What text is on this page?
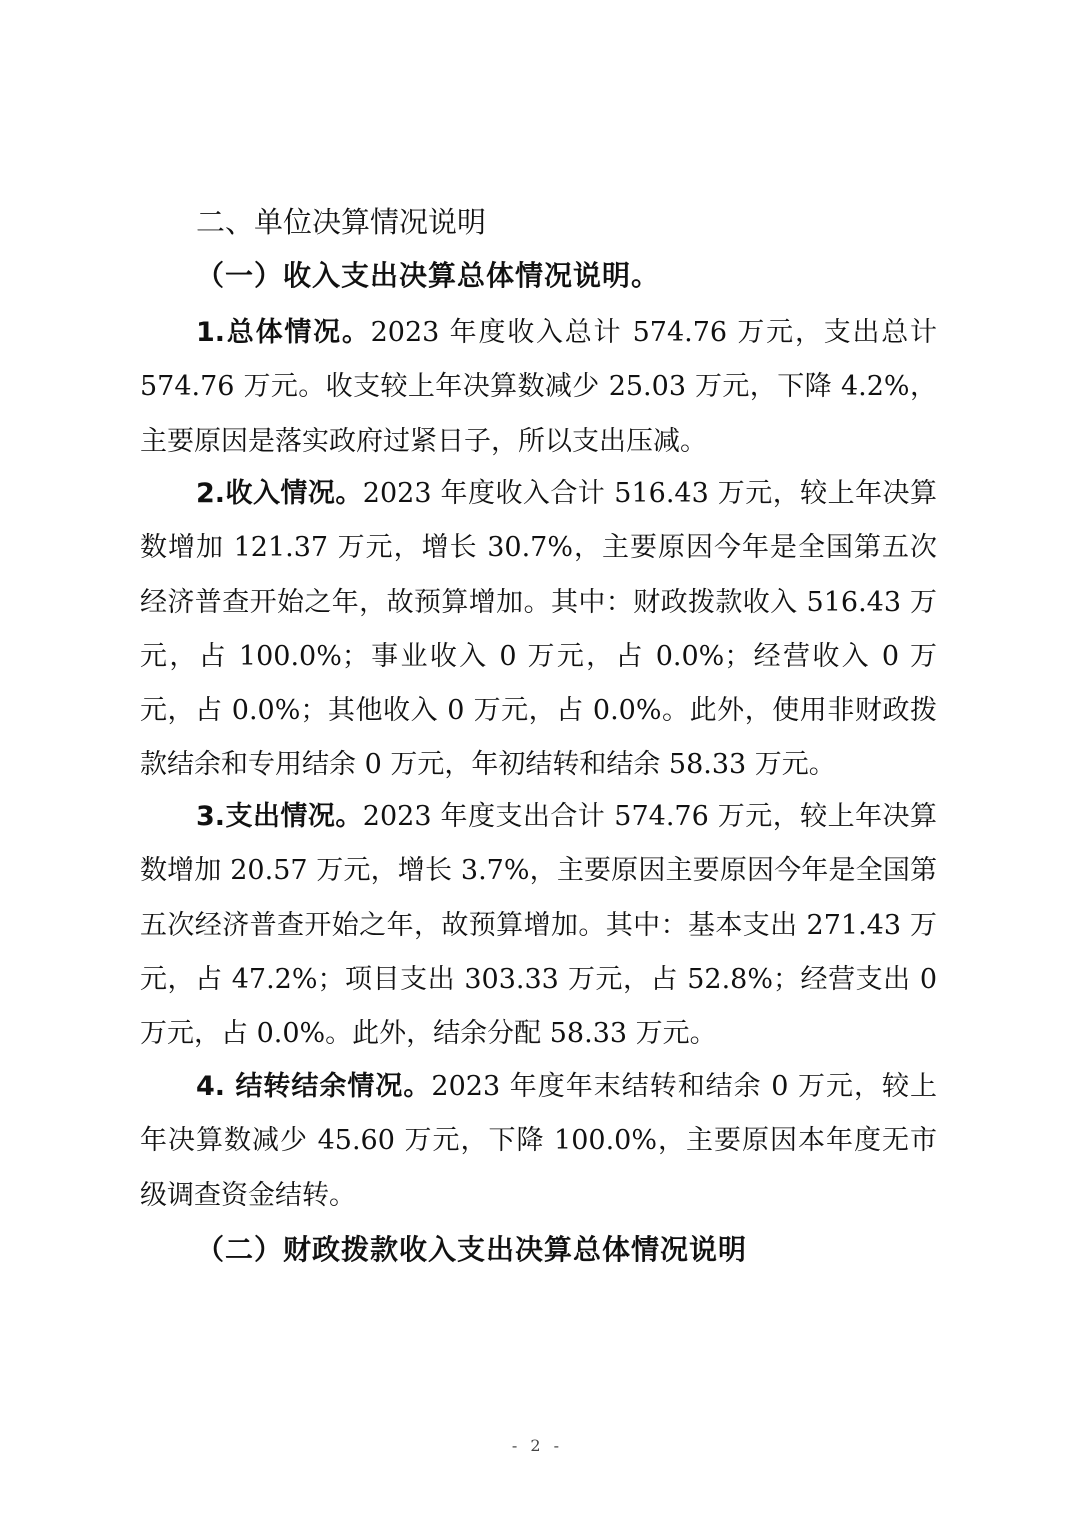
二、单位决算情况说明
（一）收入支出决算总体情况说明。

1.总体情况。2023 年度收入总计 574.76 万元，支出总计 574.76 万元。收支较上年决算数减少 25.03 万元，下降 4.2%，主要原因是落实政府过紧日子，所以支出压减。

2.收入情况。2023 年度收入合计 516.43 万元，较上年决算数增加 121.37 万元，增长 30.7%，主要原因今年是全国第五次经济普查开始之年，故预算增加。其中：财政拨款收入 516.43 万元，占 100.0%；事业收入 0 万元，占 0.0%；经营收入 0 万元，占 0.0%；其他收入 0 万元，占 0.0%。此外，使用非财政拨款结余和专用结余 0 万元，年初结转和结余 58.33 万元。

3.支出情况。2023 年度支出合计 574.76 万元，较上年决算数增加 20.57 万元，增长 3.7%，主要原因主要原因今年是全国第五次经济普查开始之年，故预算增加。其中：基本支出 271.43 万元，占 47.2%；项目支出 303.33 万元，占 52.8%；经营支出 0 万元，占 0.0%。此外，结余分配 58.33 万元。

4. 结转结余情况。2023 年度年末结转和结余 0 万元，较上年决算数减少 45.60 万元，下降 100.0%，主要原因本年度无市级调查资金结转。

（二）财政拨款收入支出决算总体情况说明
- 2 -
